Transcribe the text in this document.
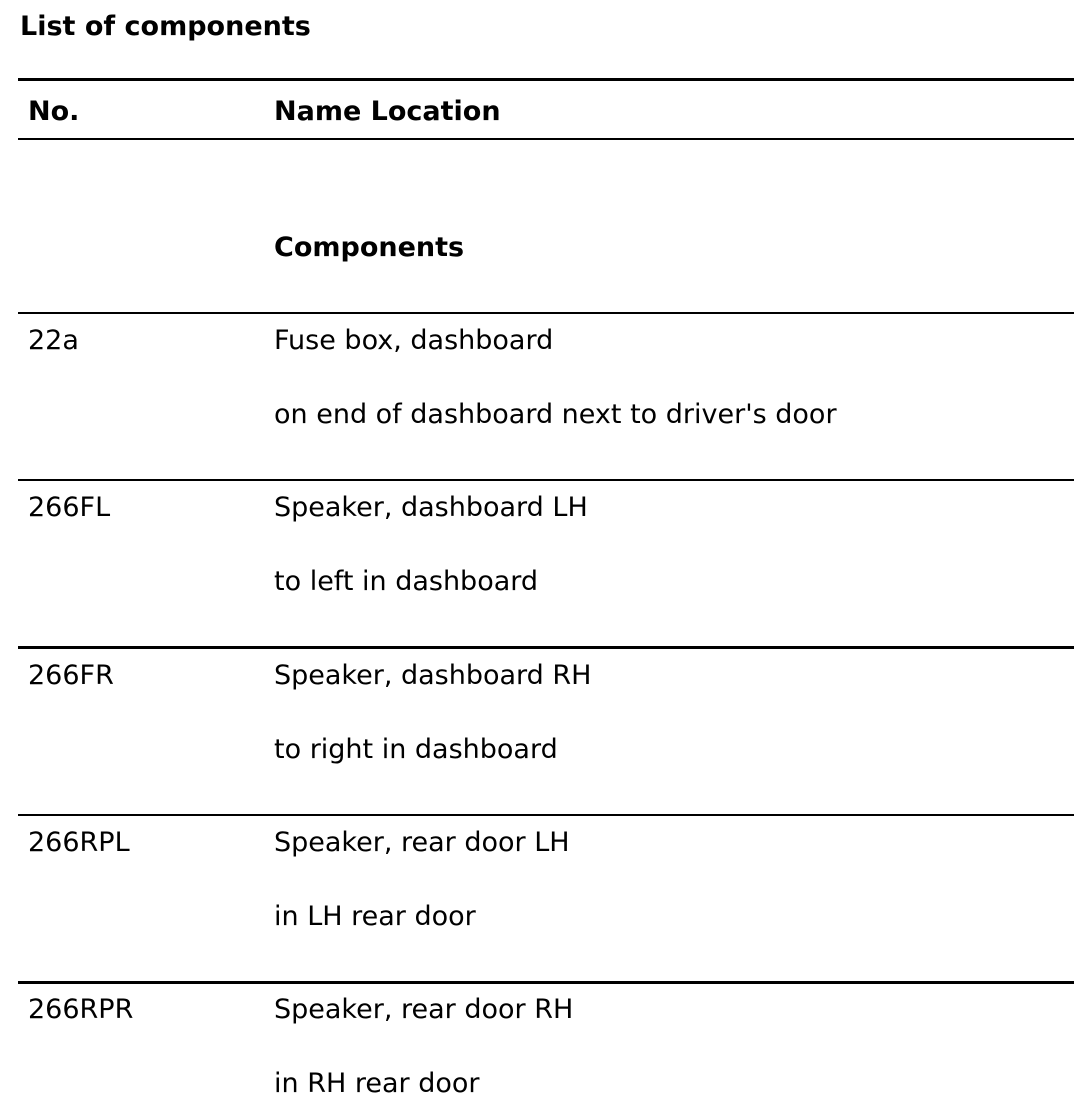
List of components
No.	Name Location
Components
22a	Fuse box, dashboard
on end of dashboard next to driver's door
266FL	Speaker, dashboard LH
to left in dashboard
266FR	Speaker, dashboard RH
to right in dashboard
266RPL	Speaker, rear door LH
in LH rear door
266RPR	Speaker, rear door RH
in RH rear door
